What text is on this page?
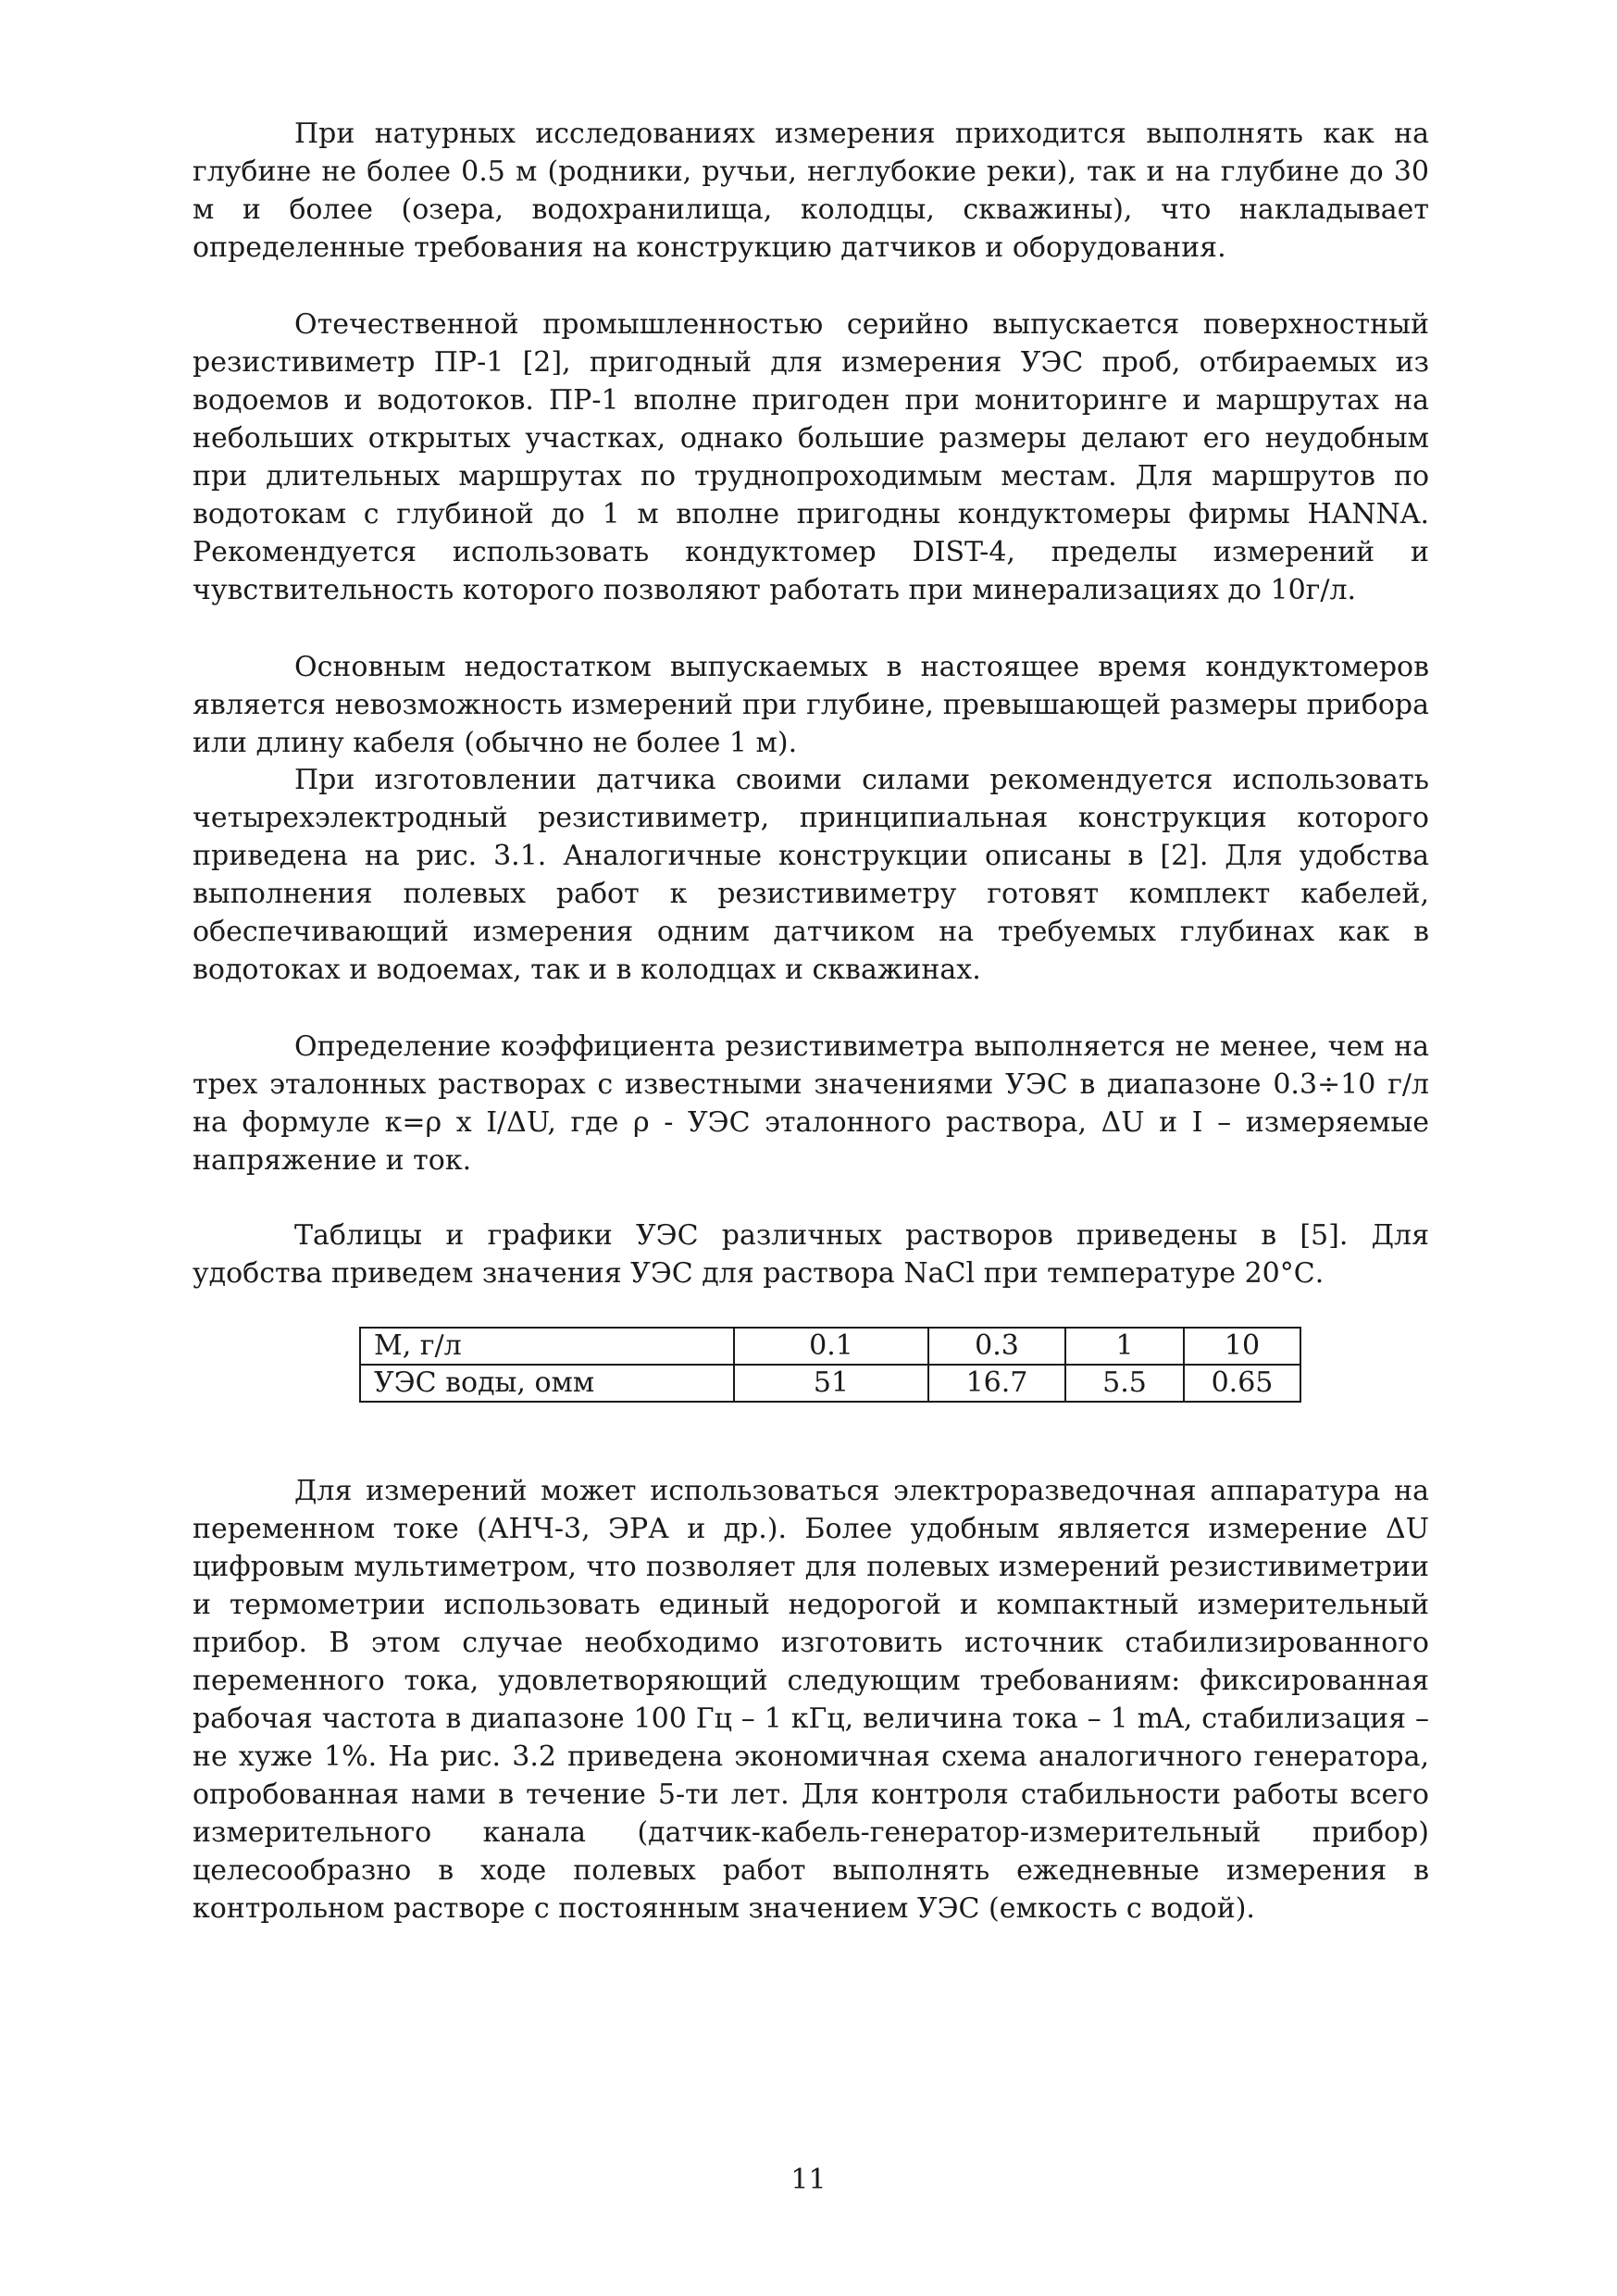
При натурных исследованиях измерения приходится выполнять как на глубине не более 0.5 м (родники, ручьи, неглубокие реки), так и на глубине до 30 м и более (озера, водохранилища, колодцы, скважины), что накладывает определенные требования на конструкцию датчиков и оборудования.

Отечественной промышленностью серийно выпускается поверхностный резистивиметр ПР-1 [2], пригодный для измерения УЭС проб, отбираемых из водоемов и водотоков. ПР-1 вполне пригоден при мониторинге и маршрутах на небольших открытых участках, однако большие размеры делают его неудобным при длительных маршрутах по труднопроходимым местам. Для маршрутов по водотокам с глубиной до 1 м вполне пригодны кондуктомеры фирмы HANNA. Рекомендуется использовать кондуктомер DIST-4, пределы измерений и чувствительность которого позволяют работать при минерализациях до 10г/л.

Основным недостатком выпускаемых в настоящее время кондуктомеров является невозможность измерений при глубине, превышающей размеры прибора или длину кабеля (обычно не более 1 м).

При изготовлении датчика своими силами рекомендуется использовать четырехэлектродный резистивиметр, принципиальная конструкция которого приведена на рис. 3.1. Аналогичные конструкции описаны в [2]. Для удобства выполнения полевых работ к резистивиметру готовят комплект кабелей, обеспечивающий измерения одним датчиком на требуемых глубинах как в водотоках и водоемах, так и в колодцах и скважинах.

Определение коэффициента резистивиметра выполняется не менее, чем на трех эталонных растворах с известными значениями УЭС в диапазоне 0.3÷10 г/л на формуле к=ρ х I/ΔU, где ρ - УЭС эталонного раствора, ΔU и I – измеряемые напряжение и ток.

Таблицы и графики УЭС различных растворов приведены в [5]. Для удобства приведем значения УЭС для раствора NaCl при температуре 20°С.

М, г/л	0.1	0.3	1	10
УЭС воды, омм	51	16.7	5.5	0.65

Для измерений может использоваться электроразведочная аппаратура на переменном токе (АНЧ-3, ЭРА и др.). Более удобным является измерение ΔU цифровым мультиметром, что позволяет для полевых измерений резистивиметрии и термометрии использовать единый недорогой и компактный измерительный прибор. В этом случае необходимо изготовить источник стабилизированного переменного тока, удовлетворяющий следующим требованиям: фиксированная рабочая частота в диапазоне 100 Гц – 1 кГц, величина тока – 1 mA, стабилизация – не хуже 1%. На рис. 3.2 приведена экономичная схема аналогичного генератора, опробованная нами в течение 5-ти лет. Для контроля стабильности работы всего измерительного канала (датчик-кабель-генератор-измерительный прибор) целесообразно в ходе полевых работ выполнять ежедневные измерения в контрольном растворе с постоянным значением УЭС (емкость с водой).

11
